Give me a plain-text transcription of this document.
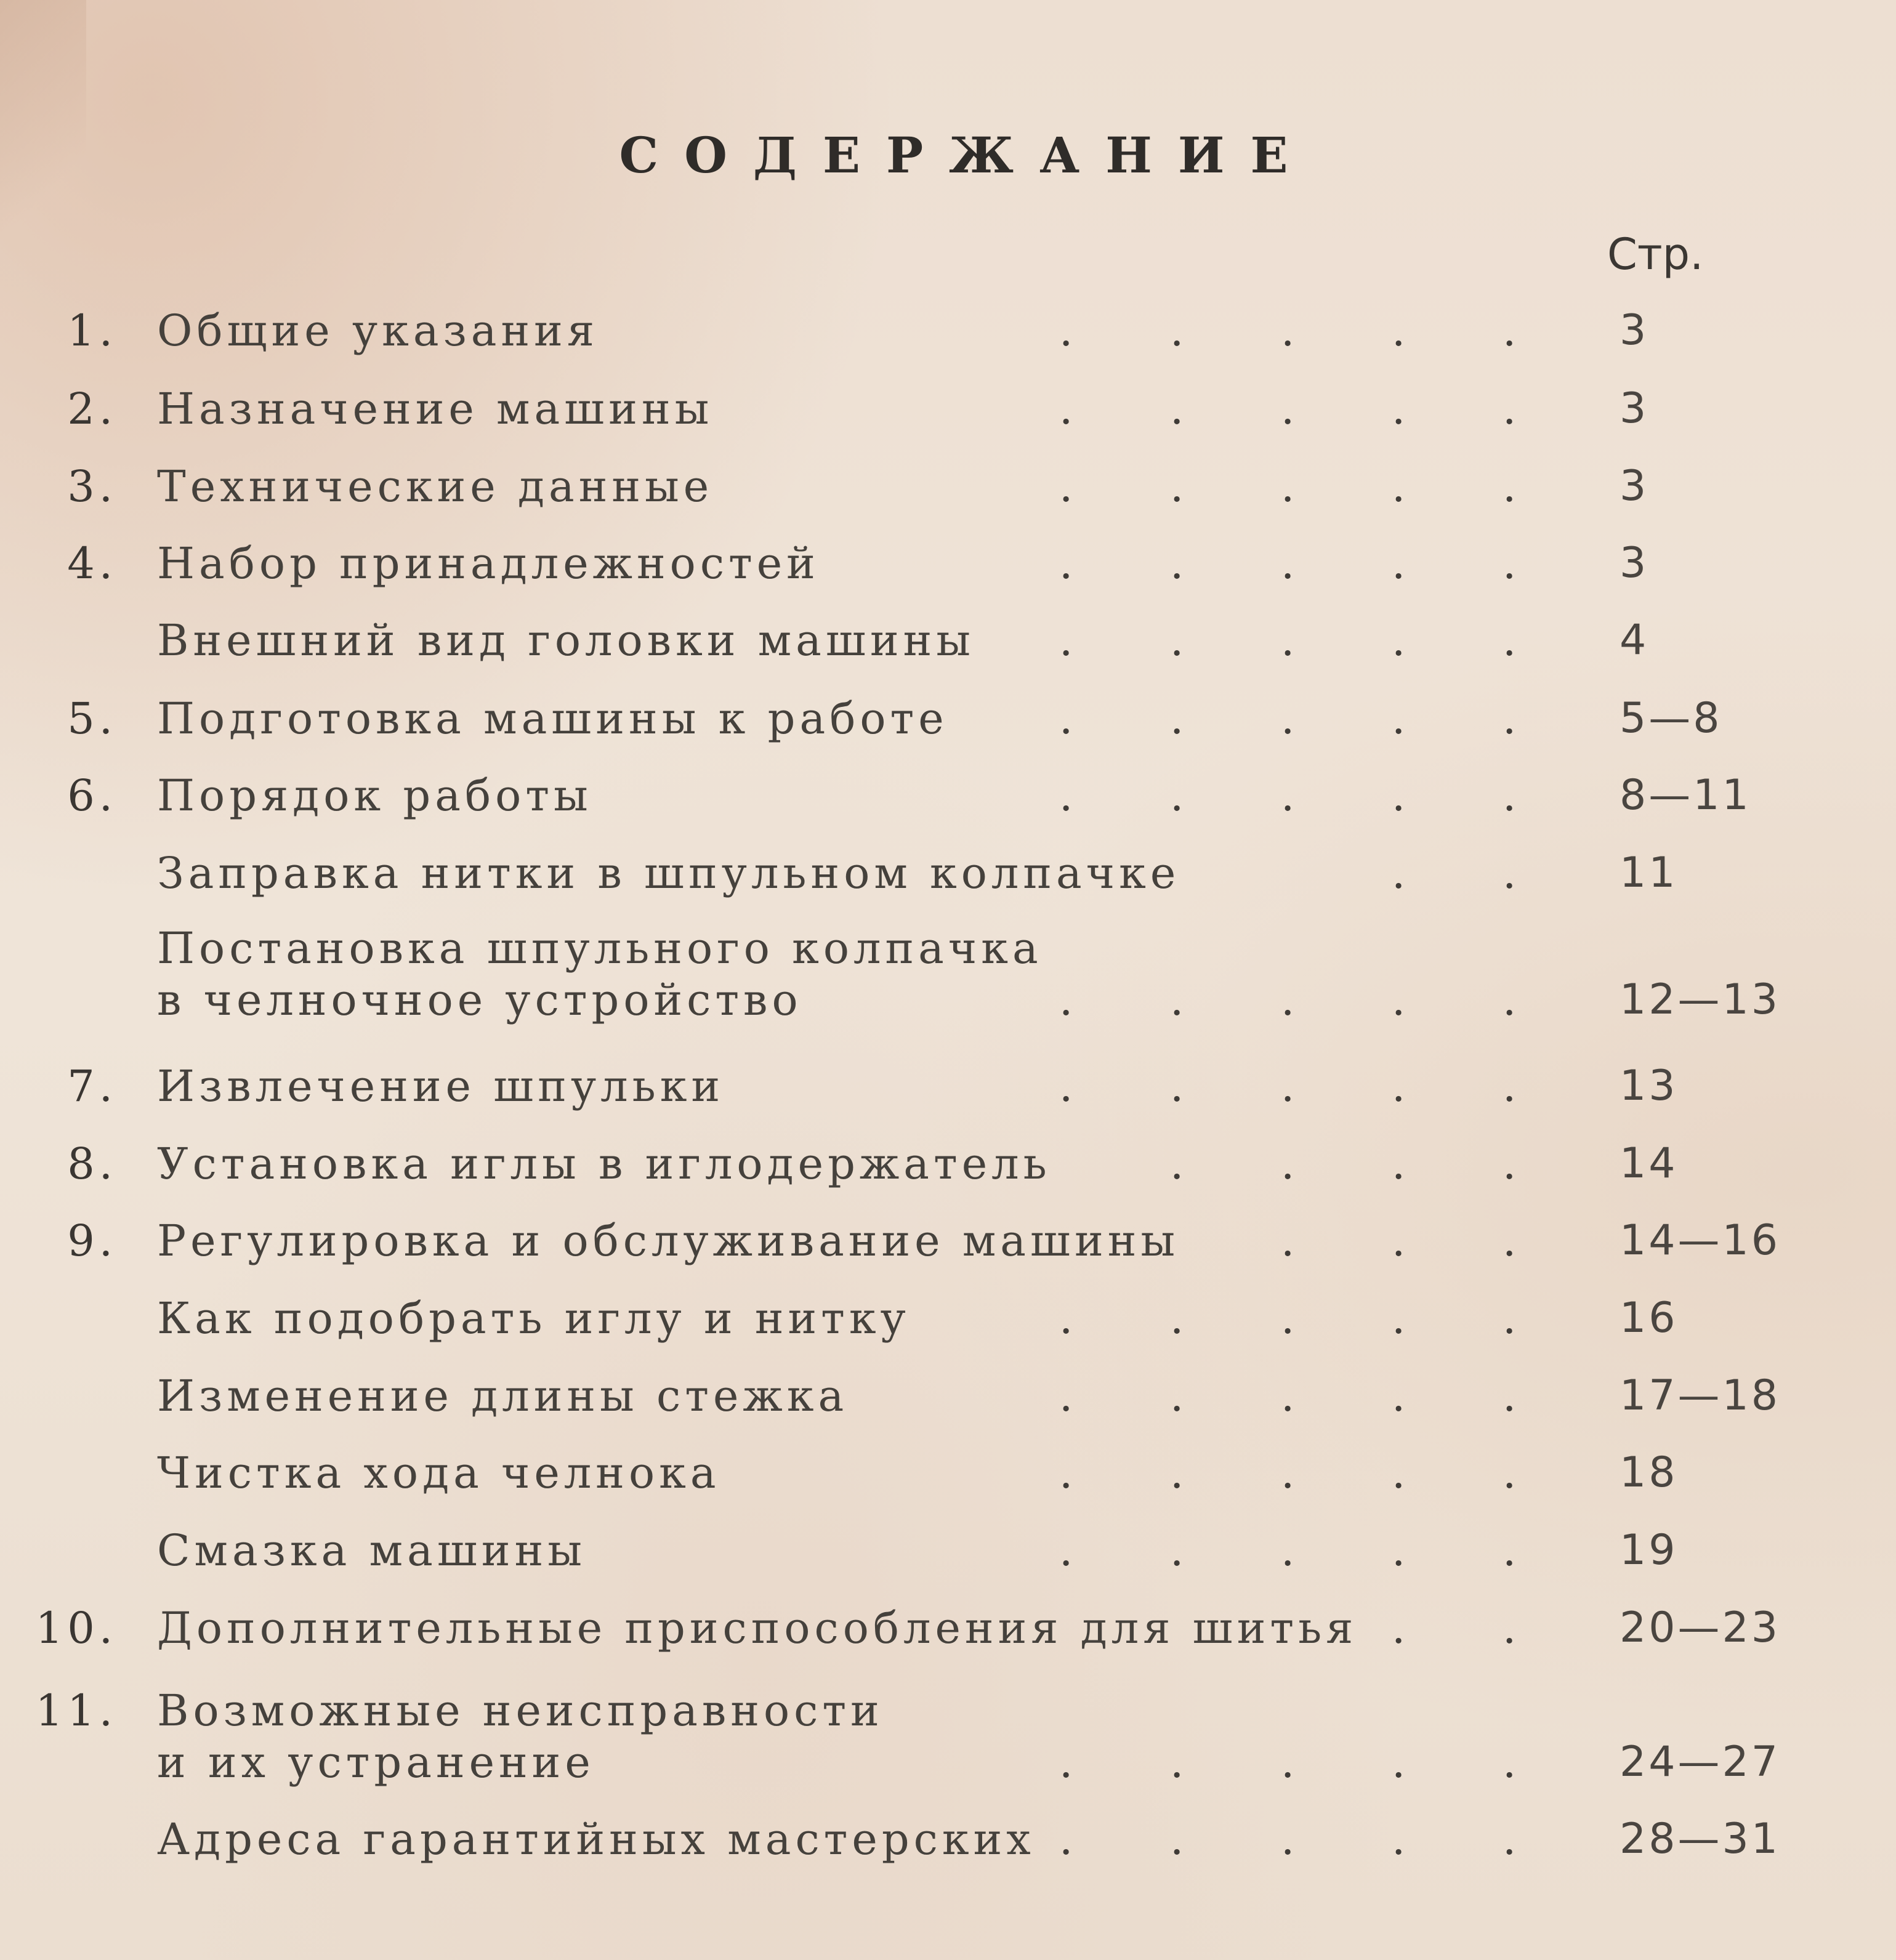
СОДЕРЖАНИЕ
Стр.
1. Общие указания	. . . . . 3
2. Назначение машины	. . . . . 3
3. Технические данные	. . . . . 3
4. Набор принадлежностей	. . . . . 3
Внешний вид головки машины . . . . . 4
5. Подготовка машины к работе	. . . . . 5—8
6. Порядок работы	. . . . . 8—11
Заправка нитки в шпульном колпачке	. . 11
Постановка шпульного колпачка
в челночное устройство	. . . . . 12—13
7. Извлечение шпульки	. . . . . 13
8. Установка иглы в иглодержатель	. . . . 14
9. Регулировка и обслуживание машины . . . 14—16
Как подобрать иглу и нитку	. . . . . 16
Изменение длины стежка	. . . . . 17—18
Чистка хода челнока	. . . . . 18
Смазка машины	. . . . . 19
10. Дополнительные приспособления для шитья . . 20—23
11. Возможные неисправности
и их устранение	. . . . . 24—27
Адреса гарантийных мастерских . . . . . 28—31
